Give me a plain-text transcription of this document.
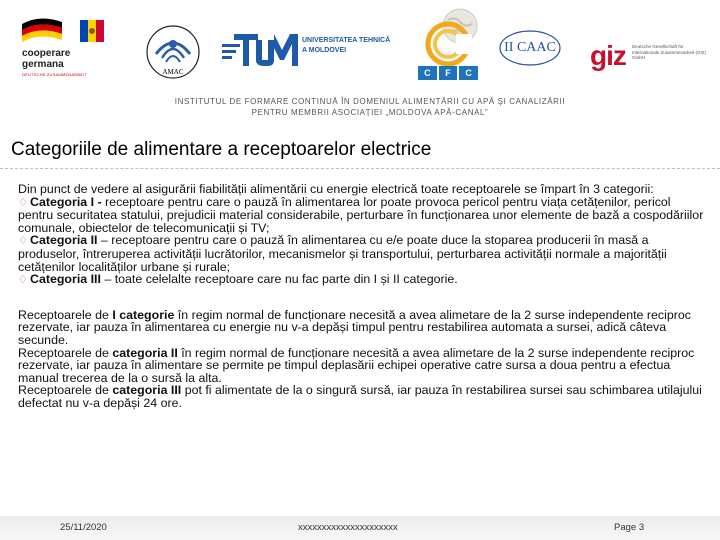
cooperare
germana
DEUTSCHE ZUSAMMENARBEIT	AMAC
UNIVERSITATEA TEHNICĂ
A MOLDOVEI
C	F	C
II CAAC giz Deutsche Gesellschaft für Internationale Zusammenarbeit (GIZ) GmbH
INSTITUTUL DE FORMARE CONTINUĂ ÎN DOMENIUL ALIMENTĂRII CU APĂ ŞI CANALIZĂRII
PENTRU MEMBRII ASOCIAȚIEI „MOLDOVA APĂ-CANAL”
Categoriile de alimentare a receptoarelor electrice

Din punct de vedere al asigurării fiabilității alimentării cu energie electrică toate receptoarele se împart în 3 categorii:

♢ Categoria I - receptoare pentru care o pauză în alimentarea lor poate provoca pericol pentru viața cetățenilor, pericol pentru securitatea statului, prejudicii material considerabile, perturbare în funcționarea unor elemente de bază a cospodăriilor comunale, obiectelor de telecomunicații și TV;

♢ Categoria II – receptoare pentru care o pauză în alimentarea cu e/e poate duce la stoparea producerii în masă a produselor, întreruperea activității lucrătorilor, mecanismelor și transportului, perturbarea activității normale a majorității cetățenilor localităților urbane și rurale;

♢ Categoria III – toate celelalte receptoare care nu fac parte din I și II categorie.

Receptoarele de I categorie în regim normal de funcționare necesită a avea alimetare de la 2 surse independente reciproc rezervate, iar pauza în alimentarea cu energie nu v-a depăși timpul pentru restabilirea automata a sursei, adică câteva secunde.

Receptoarele de categoria II în regim normal de funcționare necesită a avea alimetare de la 2 surse independente reciproc rezervate, iar pauza în alimentare se permite pe timpul deplasării echipei operative catre sursa a doua pentru a efectua manual trecerea de la o sursă la alta.

Receptoarele de categoria III pot fi alimentate de la o singură sursă, iar pauza în restabilirea sursei sau schimbarea utilajului defectat nu v-a depăși 24 ore.

25/11/2020	xxxxxxxxxxxxxxxxxxxxx	Page 3
